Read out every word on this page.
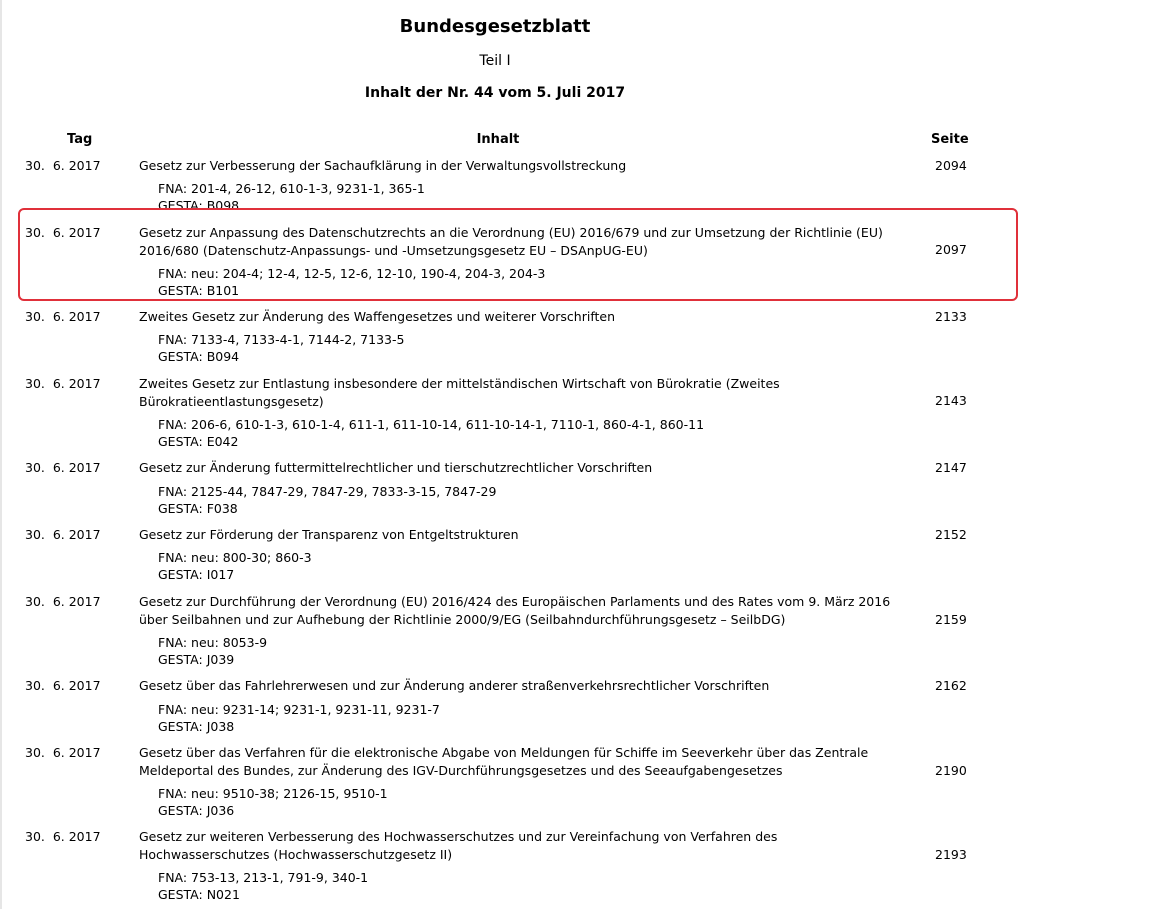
Bundesgesetzblatt
Teil I
Inhalt der Nr. 44 vom 5. Juli 2017
Tag	Inhalt	Seite
30.  6. 2017	Gesetz zur Verbesserung der Sachaufklärung in der Verwaltungsvollstreckung	2094
FNA: 201-4, 26-12, 610-1-3, 9231-1, 365-1
GESTA: B098
30.  6. 2017	Gesetz zur Anpassung des Datenschutzrechts an die Verordnung (EU) 2016/679 und zur Umsetzung der Richtlinie (EU) 2016/680 (Datenschutz-Anpassungs- und -Umsetzungsgesetz EU – DSAnpUG-EU)	2097
FNA: neu: 204-4; 12-4, 12-5, 12-6, 12-10, 190-4, 204-3, 204-3
GESTA: B101
30.  6. 2017	Zweites Gesetz zur Änderung des Waffengesetzes und weiterer Vorschriften	2133
FNA: 7133-4, 7133-4-1, 7144-2, 7133-5
GESTA: B094
30.  6. 2017	Zweites Gesetz zur Entlastung insbesondere der mittelständischen Wirtschaft von Bürokratie (Zweites Bürokratieentlastungsgesetz)	2143
FNA: 206-6, 610-1-3, 610-1-4, 611-1, 611-10-14, 611-10-14-1, 7110-1, 860-4-1, 860-11
GESTA: E042
30.  6. 2017	Gesetz zur Änderung futtermittelrechtlicher und tierschutzrechtlicher Vorschriften	2147
FNA: 2125-44, 7847-29, 7847-29, 7833-3-15, 7847-29
GESTA: F038
30.  6. 2017	Gesetz zur Förderung der Transparenz von Entgeltstrukturen	2152
FNA: neu: 800-30; 860-3
GESTA: I017
30.  6. 2017	Gesetz zur Durchführung der Verordnung (EU) 2016/424 des Europäischen Parlaments und des Rates vom 9. März 2016 über Seilbahnen und zur Aufhebung der Richtlinie 2000/9/EG (Seilbahndurchführungsgesetz – SeilbDG)	2159
FNA: neu: 8053-9
GESTA: J039
30.  6. 2017	Gesetz über das Fahrlehrerwesen und zur Änderung anderer straßenverkehrsrechtlicher Vorschriften	2162
FNA: neu: 9231-14; 9231-1, 9231-11, 9231-7
GESTA: J038
30.  6. 2017	Gesetz über das Verfahren für die elektronische Abgabe von Meldungen für Schiffe im Seeverkehr über das Zentrale Meldeportal des Bundes, zur Änderung des IGV-Durchführungsgesetzes und des Seeaufgabengesetzes	2190
FNA: neu: 9510-38; 2126-15, 9510-1
GESTA: J036
30.  6. 2017	Gesetz zur weiteren Verbesserung des Hochwasserschutzes und zur Vereinfachung von Verfahren des Hochwasserschutzes (Hochwasserschutzgesetz II)	2193
FNA: 753-13, 213-1, 791-9, 340-1
GESTA: N021
